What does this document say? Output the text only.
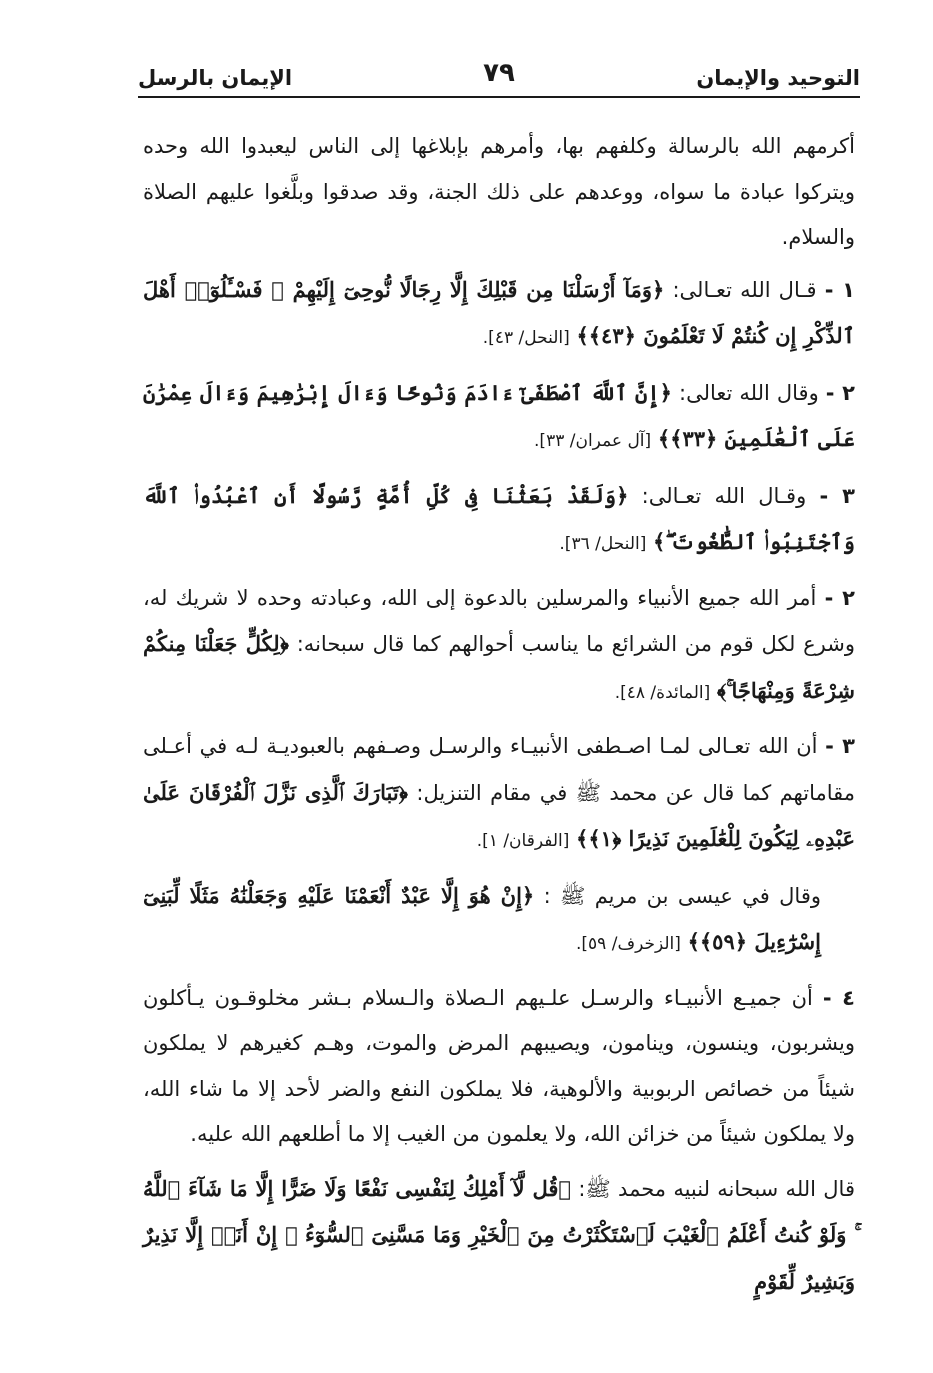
التوحيد والإيمان
٧٩
الإيمان بالرسل

أكرمهم الله بالرسالة وكلفهم بها، وأمرهم بإبلاغها إلى الناس ليعبدوا الله وحده ويتركوا عبادة ما سواه، ووعدهم على ذلك الجنة، وقد صدقوا وبلَّغوا عليهم الصلاة والسلام.

١ - قـال الله تعـالى: ﴿وَمَآ أَرْسَلْنَا مِن قَبْلِكَ إِلَّا رِجَالًا نُّوحِىٓ إِلَيْهِمْ ۚ فَسْـَٔلُوٓا۟ أَهْلَ ٱلذِّكْرِ إِن كُنتُمْ لَا تَعْلَمُونَ ﴿٤٣﴾﴾ [النحل/ ٤٣].

٢ - وقال الله تعالى: ﴿إِنَّ ٱللَّهَ ٱصْطَفَىٰٓ ءَادَمَ وَنُوحًا وَءَالَ إِبْرَٰهِيمَ وَءَالَ عِمْرَٰنَ عَلَى ٱلْعَٰلَمِينَ ﴿٣٣﴾﴾ [آل عمران/ ٣٣].

٣ - وقـال الله تعـالى: ﴿وَلَقَدْ بَعَثْنَا فِى كُلِّ أُمَّةٍ رَّسُولًا أَنِ ٱعْبُدُوا۟ ٱللَّهَ وَٱجْتَنِبُوا۟ ٱلطَّٰغُوتَ ۖ﴾ [النحل/ ٣٦].

٢ - أمر الله جميع الأنبياء والمرسلين بالدعوة إلى الله، وعبادته وحده لا شريك له، وشرع لكل قوم من الشرائع ما يناسب أحوالهم كما قال سبحانه: ﴿لِكُلٍّ جَعَلْنَا مِنكُمْ شِرْعَةً وَمِنْهَاجًا ۚ﴾ [المائدة/ ٤٨].

٣ - أن الله تعـالى لمـا اصـطفى الأنبيـاء والرسـل وصـفهم بالعبوديـة لـه في أعـلى مقاماتهم كما قال عن محمد ﷺ في مقام التنزيل: ﴿تَبَارَكَ ٱلَّذِى نَزَّلَ ٱلْفُرْقَانَ عَلَىٰ عَبْدِهِۦ لِيَكُونَ لِلْعَٰلَمِينَ نَذِيرًا ﴿١﴾﴾ [الفرقان/ ١].

وقال في عيسى بن مريم ﷺ : ﴿إِنْ هُوَ إِلَّا عَبْدٌ أَنْعَمْنَا عَلَيْهِ وَجَعَلْنَٰهُ مَثَلًا لِّبَنِىٓ إِسْرَٰٓءِيلَ ﴿٥٩﴾﴾ [الزخرف/ ٥٩].

٤ - أن جميـع الأنبيـاء والرسـل علـيهم الـصلاة والـسلام بـشر مخلوقـون يـأكلون ويشربون، وينسون، وينامون، ويصيبهم المرض والموت، وهـم كغيرهم لا يملكون شيئاً من خصائص الربوبية والألوهية، فلا يملكون النفع والضر لأحد إلا ما شاء الله، ولا يملكون شيئاً من خزائن الله، ولا يعلمون من الغيب إلا ما أطلعهم الله عليه.

قال الله سبحانه لنبيه محمد ﷺ: ﴿قُل لَّآ أَمْلِكُ لِنَفْسِى نَفْعًا وَلَا ضَرًّا إِلَّا مَا شَآءَ ٱللَّهُ ۚ وَلَوْ كُنتُ أَعْلَمُ ٱلْغَيْبَ لَٱسْتَكْثَرْتُ مِنَ ٱلْخَيْرِ وَمَا مَسَّنِىَ ٱلسُّوٓءُ ۚ إِنْ أَنَا۠ إِلَّا نَذِيرٌ وَبَشِيرٌ لِّقَوْمٍ
